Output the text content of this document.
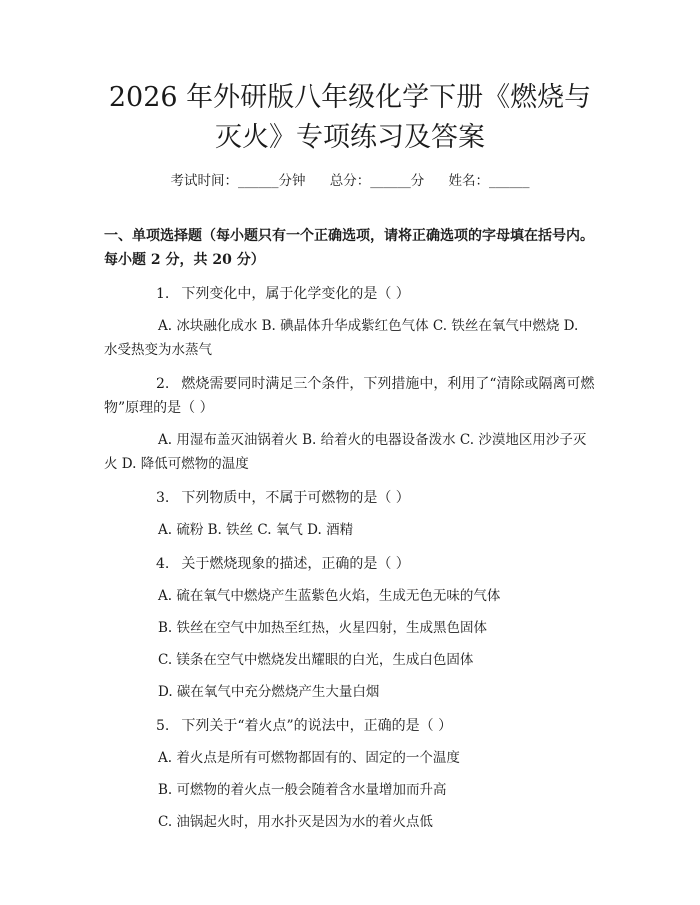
2026 年外研版八年级化学下册《燃烧与灭火》专项练习及答案
考试时间：______分钟 总分：______分 姓名：______
一、单项选择题（每小题只有一个正确选项，请将正确选项的字母填在括号内。每小题 2 分，共 20 分）
1. 下列变化中，属于化学变化的是（ ）
A. 冰块融化成水 B. 碘晶体升华成紫红色气体 C. 铁丝在氧气中燃烧 D. 水受热变为水蒸气
2. 燃烧需要同时满足三个条件，下列措施中，利用了“清除或隔离可燃物”原理的是（ ）
A. 用湿布盖灭油锅着火 B. 给着火的电器设备泼水 C. 沙漠地区用沙子灭火 D. 降低可燃物的温度
3. 下列物质中，不属于可燃物的是（ ）
A. 硫粉 B. 铁丝 C. 氧气 D. 酒精
4. 关于燃烧现象的描述，正确的是（ ）
A. 硫在氧气中燃烧产生蓝紫色火焰，生成无色无味的气体
B. 铁丝在空气中加热至红热，火星四射，生成黑色固体
C. 镁条在空气中燃烧发出耀眼的白光，生成白色固体
D. 碳在氧气中充分燃烧产生大量白烟
5. 下列关于“着火点”的说法中，正确的是（ ）
A. 着火点是所有可燃物都固有的、固定的一个温度
B. 可燃物的着火点一般会随着含水量增加而升高
C. 油锅起火时，用水扑灭是因为水的着火点低
